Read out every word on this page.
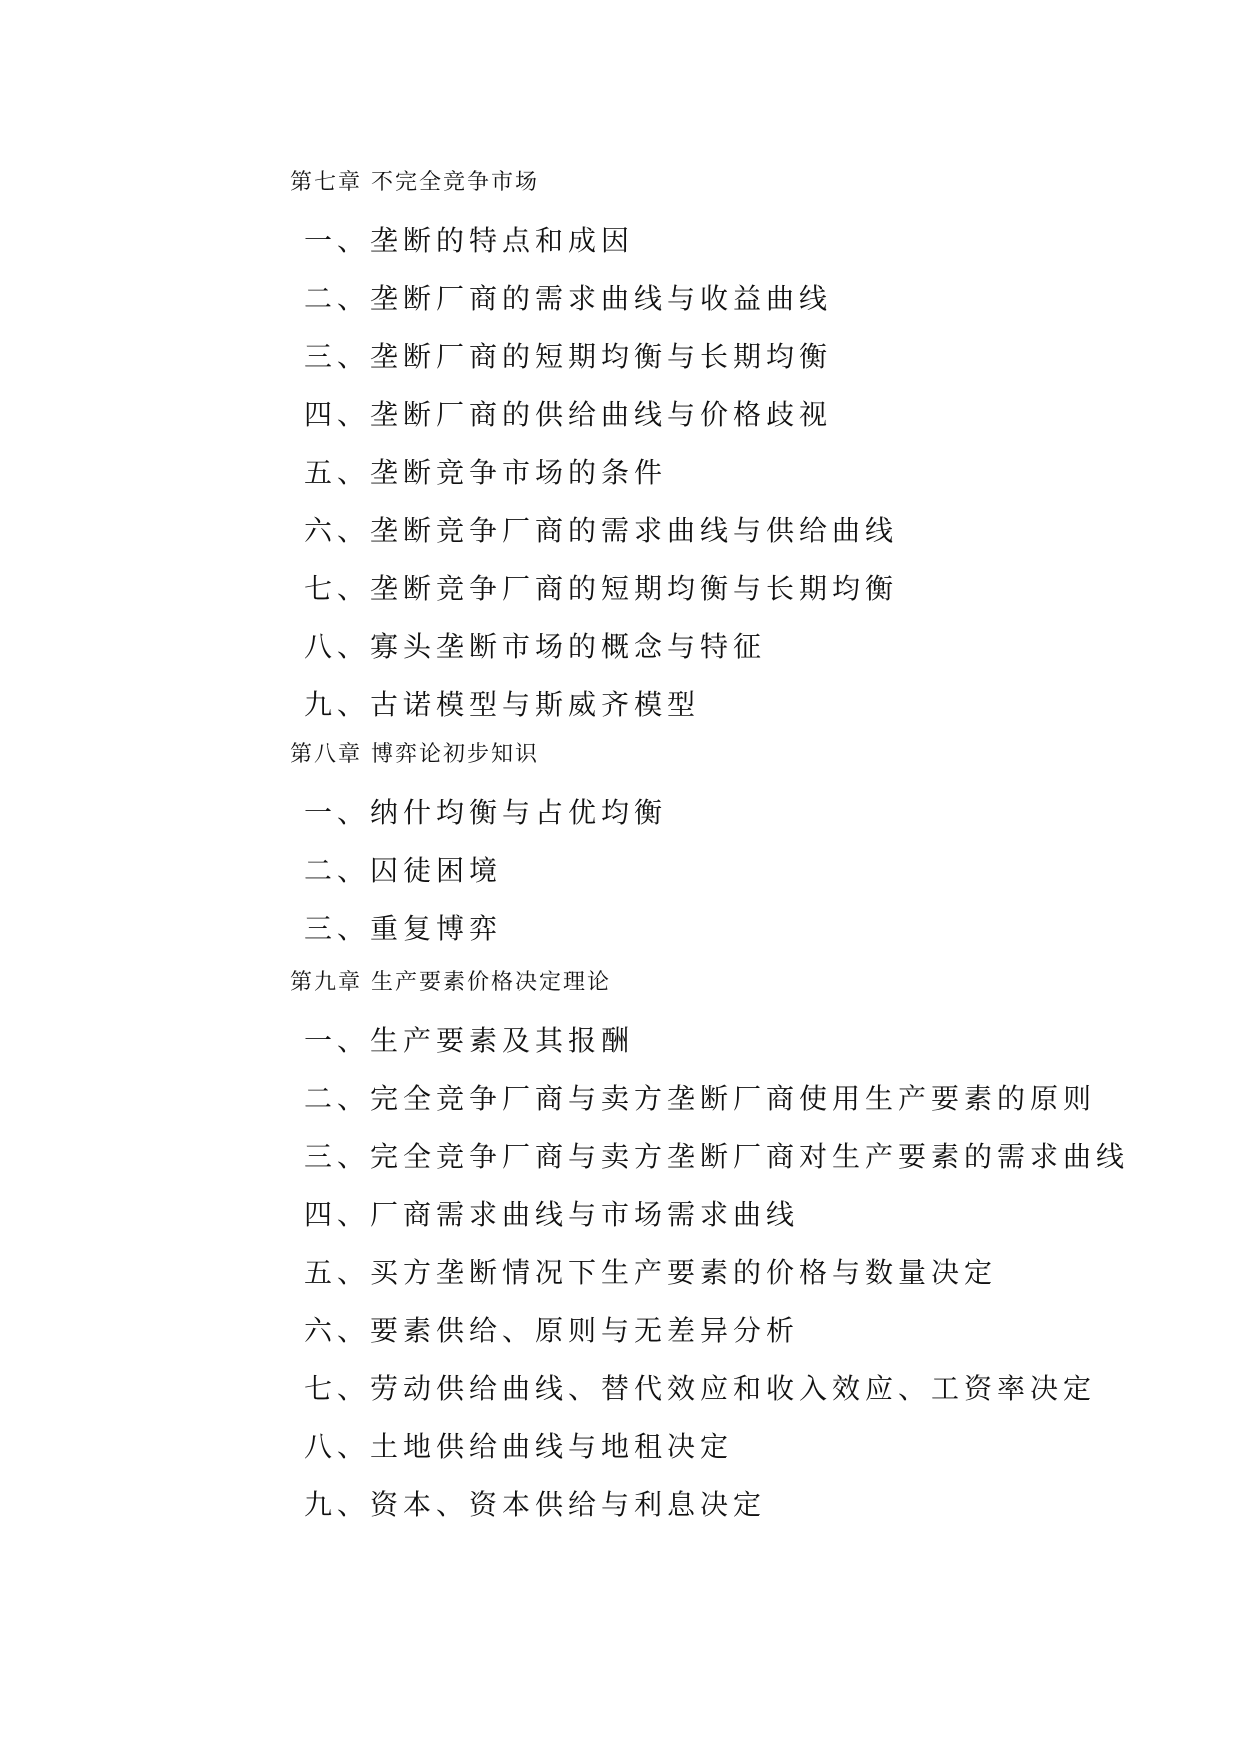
第七章 不完全竞争市场
一、垄断的特点和成因
二、垄断厂商的需求曲线与收益曲线
三、垄断厂商的短期均衡与长期均衡
四、垄断厂商的供给曲线与价格歧视
五、垄断竞争市场的条件
六、垄断竞争厂商的需求曲线与供给曲线
七、垄断竞争厂商的短期均衡与长期均衡
八、寡头垄断市场的概念与特征
九、古诺模型与斯威齐模型
第八章 博弈论初步知识
一、纳什均衡与占优均衡
二、囚徒困境
三、重复博弈
第九章 生产要素价格决定理论
一、生产要素及其报酬
二、完全竞争厂商与卖方垄断厂商使用生产要素的原则
三、完全竞争厂商与卖方垄断厂商对生产要素的需求曲线
四、厂商需求曲线与市场需求曲线
五、买方垄断情况下生产要素的价格与数量决定
六、要素供给、原则与无差异分析
七、劳动供给曲线、替代效应和收入效应、工资率决定
八、土地供给曲线与地租决定
九、资本、资本供给与利息决定
